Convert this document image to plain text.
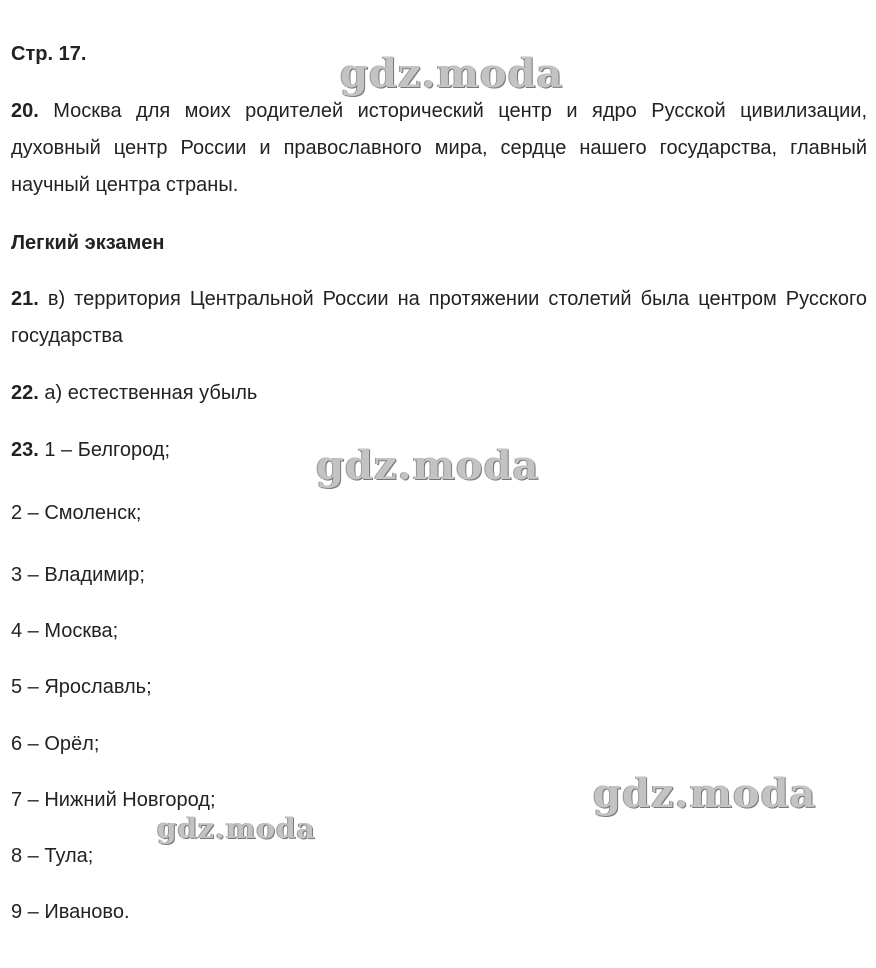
Стр. 17.	gdz.moda
gdz.moda
gdz.moda
gdz.moda
20. Москва для моих родителей исторический центр и ядро Русской цивилизации, духовный центр России и православного мира, сердце нашего государства, главный научный центра страны.
Легкий экзамен
21. в) территория Центральной России на протяжении столетий была центром Русского государства
22. а) естественная убыль
23. 1 – Белгород;
2 – Смоленск;
3 – Владимир;
4 – Москва;
5 – Ярославль;
6 – Орёл;
7 – Нижний Новгород;
8 – Тула;
9 – Иваново.
